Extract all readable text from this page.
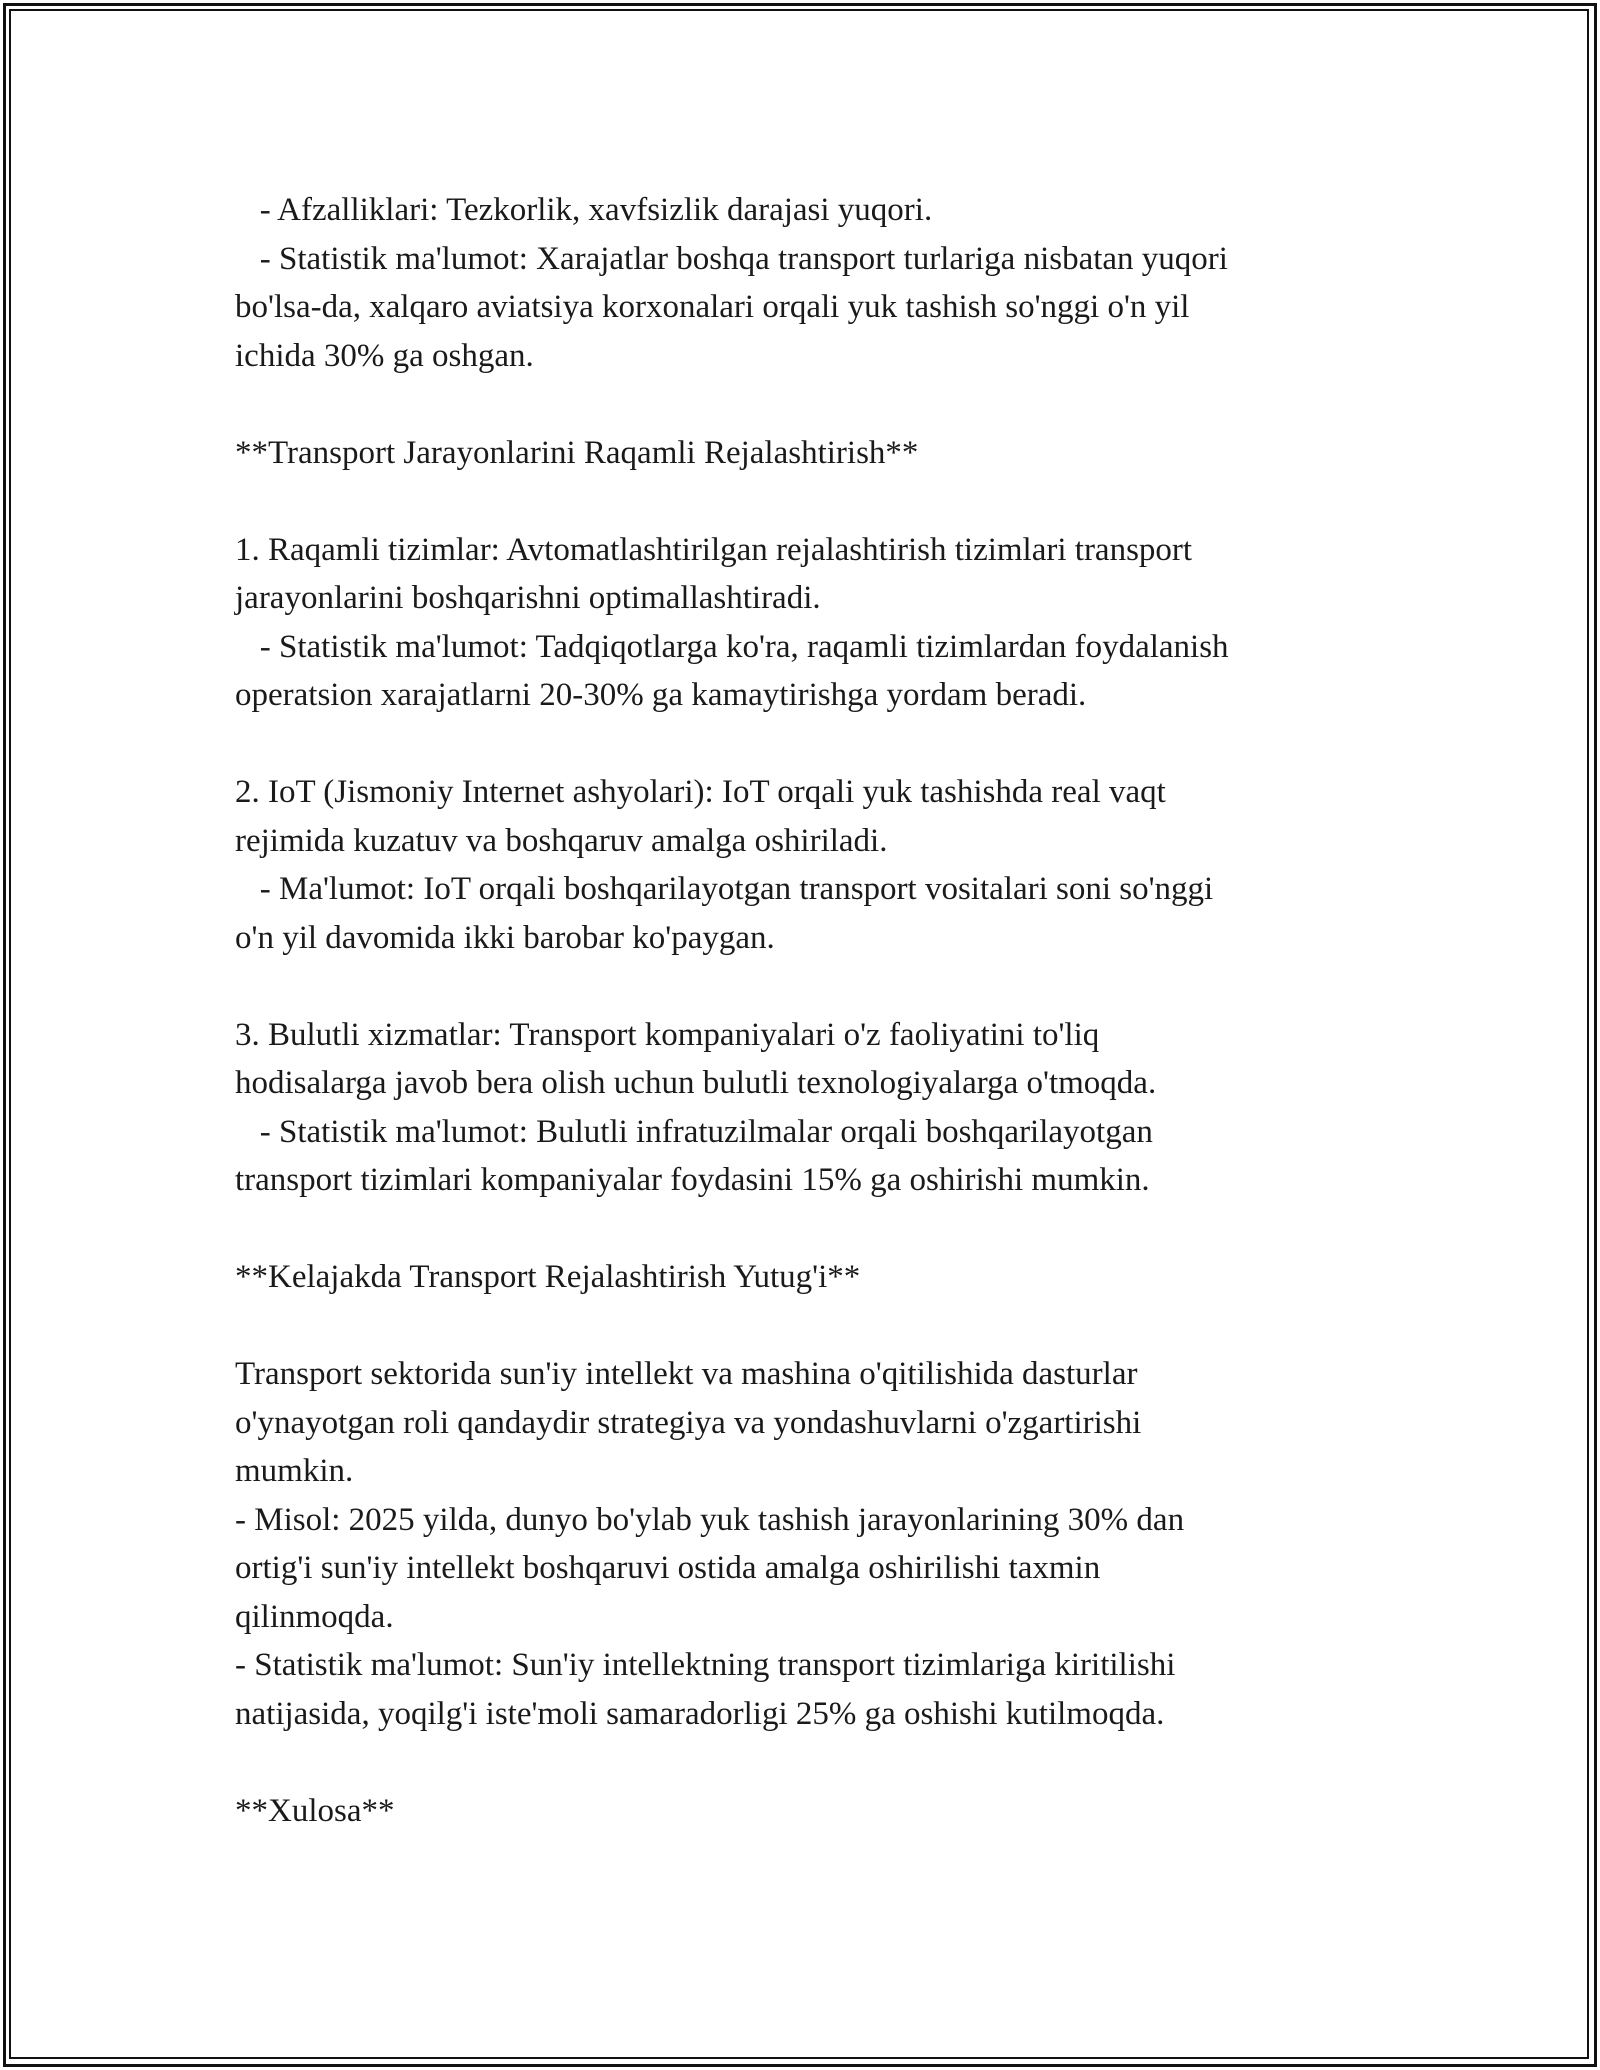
- Afzalliklari: Tezkorlik, xavfsizlik darajasi yuqori.
- Statistik ma'lumot: Xarajatlar boshqa transport turlariga nisbatan yuqori
bo'lsa-da, xalqaro aviatsiya korxonalari orqali yuk tashish so'nggi o'n yil
ichida 30% ga oshgan.
**Transport Jarayonlarini Raqamli Rejalashtirish**
1. Raqamli tizimlar: Avtomatlashtirilgan rejalashtirish tizimlari transport
jarayonlarini boshqarishni optimallashtiradi.
- Statistik ma'lumot: Tadqiqotlarga ko'ra, raqamli tizimlardan foydalanish
operatsion xarajatlarni 20-30% ga kamaytirishga yordam beradi.
2. IoT (Jismoniy Internet ashyolari): IoT orqali yuk tashishda real vaqt
rejimida kuzatuv va boshqaruv amalga oshiriladi.
- Ma'lumot: IoT orqali boshqarilayotgan transport vositalari soni so'nggi
o'n yil davomida ikki barobar ko'paygan.
3. Bulutli xizmatlar: Transport kompaniyalari o'z faoliyatini to'liq
hodisalarga javob bera olish uchun bulutli texnologiyalarga o'tmoqda.
- Statistik ma'lumot: Bulutli infratuzilmalar orqali boshqarilayotgan
transport tizimlari kompaniyalar foydasini 15% ga oshirishi mumkin.
**Kelajakda Transport Rejalashtirish Yutug'i**
Transport sektorida sun'iy intellekt va mashina o'qitilishida dasturlar
o'ynayotgan roli qandaydir strategiya va yondashuvlarni o'zgartirishi
mumkin.
- Misol: 2025 yilda, dunyo bo'ylab yuk tashish jarayonlarining 30% dan
ortig'i sun'iy intellekt boshqaruvi ostida amalga oshirilishi taxmin
qilinmoqda.
- Statistik ma'lumot: Sun'iy intellektning transport tizimlariga kiritilishi
natijasida, yoqilg'i iste'moli samaradorligi 25% ga oshishi kutilmoqda.
**Xulosa**
